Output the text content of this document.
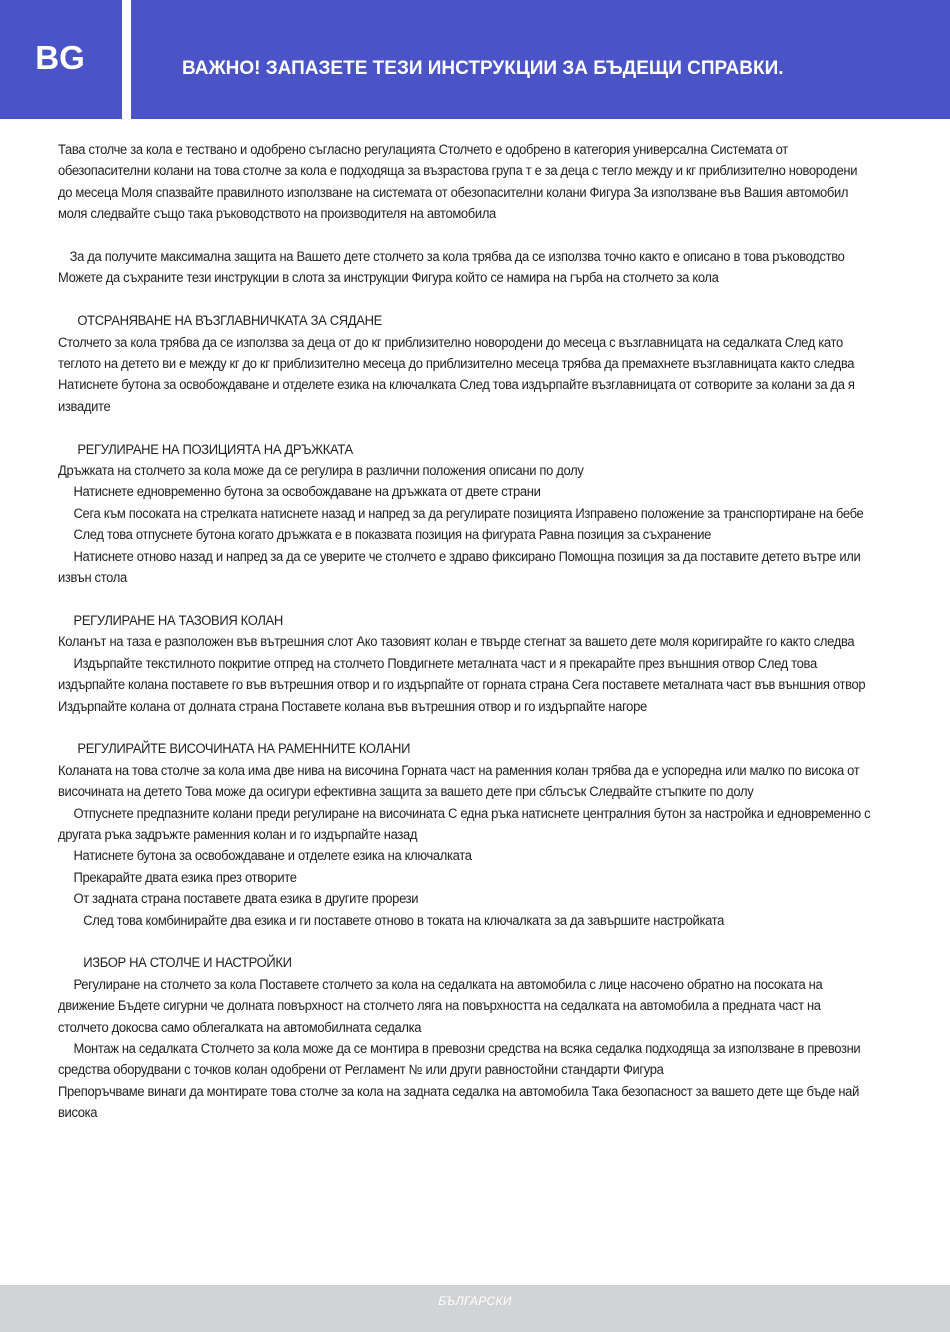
BG	ВАЖНО! ЗАПАЗЕТЕ ТЕЗИ ИНСТРУКЦИИ ЗА БЪДЕЩИ СПРАВКИ.

Тава столче за кола е тествано и одобрено съгласно регулацията Столчето е одобрено в категория универсална Системата от обезопасителни колани на това столче за кола е подходяща за възрастова група т е за деца с тегло между и кг приблизително новородени до месеца Моля спазвайте правилното използване на системата от обезопасителни колани Фигура За използване във Вашия автомобил моля следвайте също така ръководството на производителя на автомобила

За да получите максимална защита на Вашето дете столчето за кола трябва да се използва точно както е описано в това ръководство Можете да съхраните тези инструкции в слота за инструкции Фигура който се намира на гърба на столчето за кола

ОТСРАНЯВАНЕ НА ВЪЗГЛАВНИЧКАТА ЗА СЯДАНЕ

Столчето за кола трябва да се използва за деца от до кг приблизително новородени до месеца с възглавницата на седалката След като теглото на детето ви е между кг до кг приблизително месеца до приблизително месеца трябва да премахнете възглавницата както следва Натиснете бутона за освобождаване и отделете езика на ключалката След това издърпайте възглавницата от сотворите за колани за да я извадите

РЕГУЛИРАНЕ НА ПОЗИЦИЯТА НА ДРЪЖКАТА

Дръжката на столчето за кола може да се регулира в различни положения описани по долу

Натиснете едновременно бутона за освобождаване на дръжката от двете страни

Сега към посоката на стрелката натиснете назад и напред за да регулирате позицията Изправено положение за транспортиране на бебе

След това отпуснете бутона когато дръжката е в показвата позиция на фигурата Равна позиция за съхранение

Натиснете отново назад и напред за да се уверите че столчето е здраво фиксирано Помощна позиция за да поставите детето вътре или извън стола

РЕГУЛИРАНЕ НА ТАЗОВИЯ КОЛАН

Коланът на таза е разположен във вътрешния слот Ако тазовият колан е твърде стегнат за вашето дете моля коригирайте го както следва

Издърпайте текстилното покритие отпред на столчето Повдигнете металната част и я прекарайте през външния отвор След това издърпайте колана поставете го във вътрешния отвор и го издърпайте от горната страна Сега поставете металната част във външния отвор Издърпайте колана от долната страна Поставете колана във вътрешния отвор и го издърпайте нагоре

РЕГУЛИРАЙТЕ ВИСОЧИНАТА НА РАМЕННИТЕ КОЛАНИ

Коланата на това столче за кола има две нива на височина Горната част на раменния колан трябва да е успоредна или малко по висока от височината на детето Това може да осигури ефективна защита за вашето дете при сблъсък Следвайте стъпките по долу

Отпуснете предпазните колани преди регулиране на височината С една ръка натиснете централния бутон за настройка и едновременно с другата ръка задръжте раменния колан и го издърпайте назад

Натиснете бутона за освобождаване и отделете езика на ключалката

Прекарайте двата езика през отворите

От задната страна поставете двата езика в другите прорези

След това комбинирайте два езика и ги поставете отново в токата на ключалката за да завършите настройката

ИЗБОР НА СТОЛЧЕ И НАСТРОЙКИ

Регулиране на столчето за кола Поставете столчето за кола на седалката на автомобила с лице насочено обратно на посоката на движение Бъдете сигурни че долната повърхност на столчето ляга на повърхността на седалката на автомобила а предната част на столчето докосва само облегалката на автомобилната седалка

Монтаж на седалката Столчето за кола може да се монтира в превозни средства на всяка седалка подходяща за използване в превозни средства оборудвани с точков колан одобрени от Регламент № или други равностойни стандарти Фигура

Препоръчваме винаги да монтирате това столче за кола на задната седалка на автомобила Така безопасност за вашето дете ще бъде най висока

БЪЛГАРСКИ
